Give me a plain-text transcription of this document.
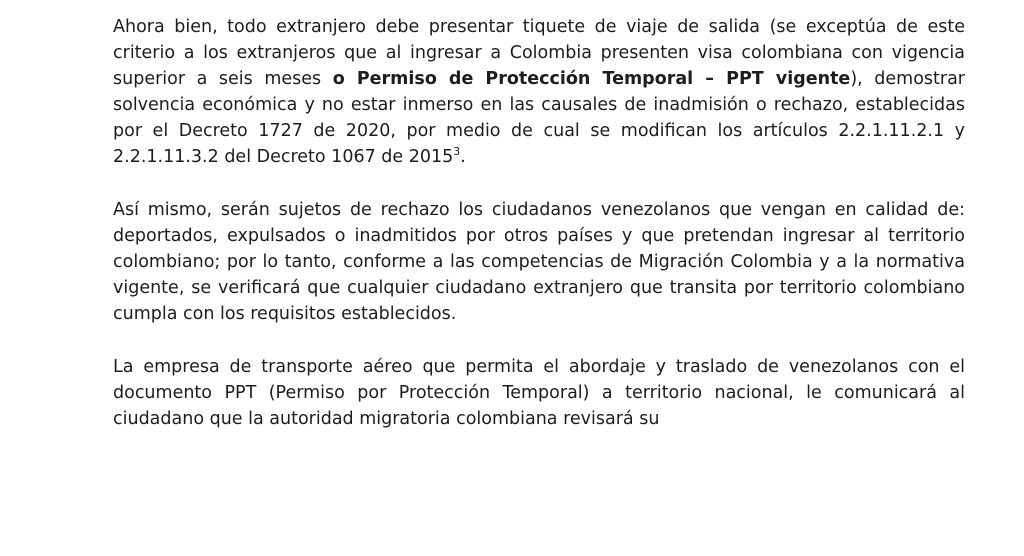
Ahora bien, todo extranjero debe presentar tiquete de viaje de salida (se exceptúa de este criterio a los extranjeros que al ingresar a Colombia presenten visa colombiana con vigencia superior a seis meses o Permiso de Protección Temporal – PPT vigente), demostrar solvencia económica y no estar inmerso en las causales de inadmisión o rechazo, establecidas por el Decreto 1727 de 2020, por medio de cual se modifican los artículos 2.2.1.11.2.1 y 2.2.1.11.3.2 del Decreto 1067 de 2015$^3$.

Así mismo, serán sujetos de rechazo los ciudadanos venezolanos que vengan en calidad de: deportados, expulsados o inadmitidos por otros países y que pretendan ingresar al territorio colombiano; por lo tanto, conforme a las competencias de Migración Colombia y a la normativa vigente, se verificará que cualquier ciudadano extranjero que transita por territorio colombiano cumpla con los requisitos establecidos.

La empresa de transporte aéreo que permita el abordaje y traslado de venezolanos con el documento PPT (Permiso por Protección Temporal) a territorio nacional, le comunicará al ciudadano que la autoridad migratoria colombiana revisará su
